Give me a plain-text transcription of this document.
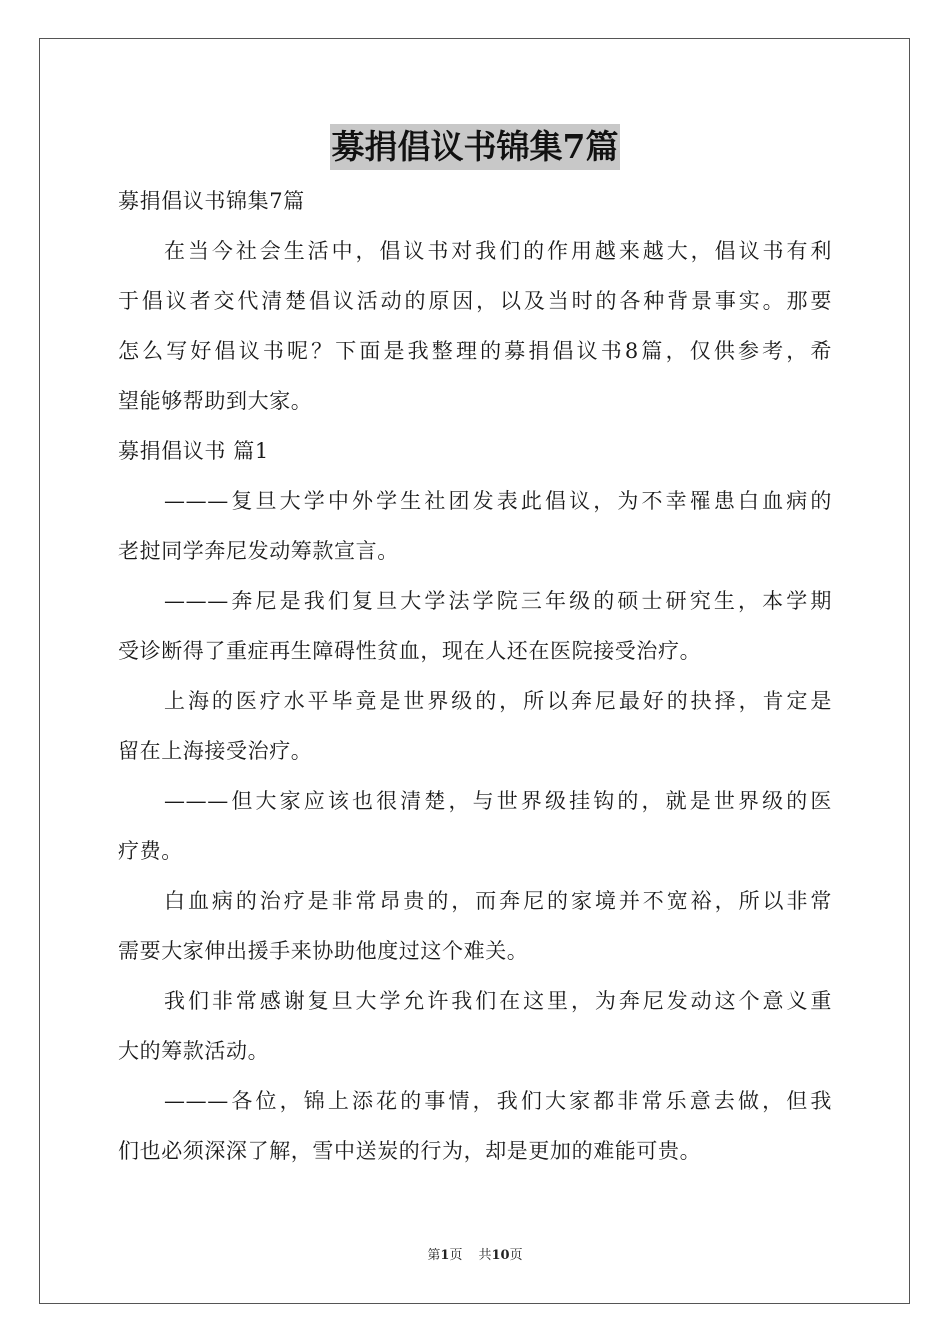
募捐倡议书锦集7篇
募捐倡议书锦集7篇
在当今社会生活中，倡议书对我们的作用越来越大，倡议书有利
于倡议者交代清楚倡议活动的原因，以及当时的各种背景事实。那要
怎么写好倡议书呢？下面是我整理的募捐倡议书8篇，仅供参考，希
望能够帮助到大家。
募捐倡议书 篇1
———复旦大学中外学生社团发表此倡议，为不幸罹患白血病的
老挝同学奔尼发动筹款宣言。
———奔尼是我们复旦大学法学院三年级的硕士研究生，本学期
受诊断得了重症再生障碍性贫血，现在人还在医院接受治疗。
上海的医疗水平毕竟是世界级的，所以奔尼最好的抉择，肯定是
留在上海接受治疗。
———但大家应该也很清楚，与世界级挂钩的，就是世界级的医
疗费。
白血病的治疗是非常昂贵的，而奔尼的家境并不宽裕，所以非常
需要大家伸出援手来协助他度过这个难关。
我们非常感谢复旦大学允许我们在这里，为奔尼发动这个意义重
大的筹款活动。
———各位，锦上添花的事情，我们大家都非常乐意去做，但我
们也必须深深了解，雪中送炭的行为，却是更加的难能可贵。
第1页 共10页
